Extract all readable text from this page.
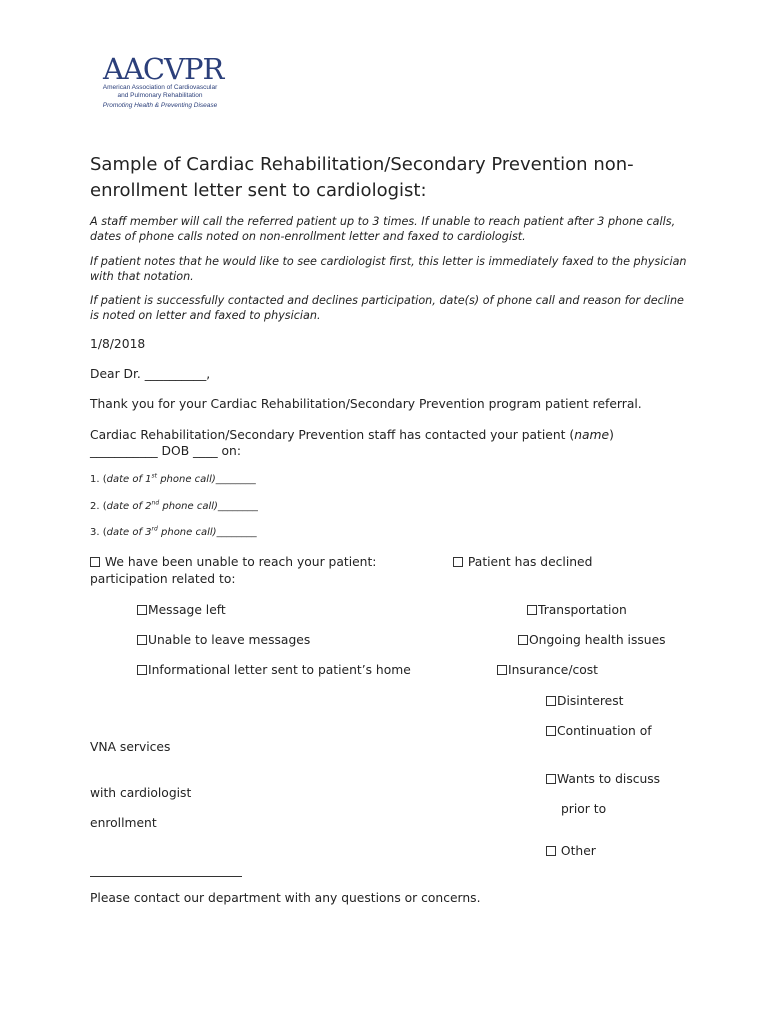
AACVPR
American Association of Cardiovascular
and Pulmonary Rehabilitation
Promoting Health & Preventing Disease
Sample of Cardiac Rehabilitation/Secondary Prevention non-enrollment letter sent to cardiologist:
A staff member will call the referred patient up to 3 times. If unable to reach patient after 3 phone calls, dates of phone calls noted on non-enrollment letter and faxed to cardiologist.
If patient notes that he would like to see cardiologist first, this letter is immediately faxed to the physician with that notation.
If patient is successfully contacted and declines participation, date(s) of phone call and reason for decline is noted on letter and faxed to physician.
1/8/2018
Dear Dr. __________,
Thank you for your Cardiac Rehabilitation/Secondary Prevention program patient referral.
Cardiac Rehabilitation/Secondary Prevention staff has contacted your patient (name)
___________ DOB ____ on:
1. (date of 1st phone call)________
2. (date of 2nd phone call)________
3. (date of 3rd phone call)________
We have been unable to reach your patient:	Patient has declined
participation related to:
Message left
Unable to leave messages
Informational letter sent to patient’s home
Transportation
Ongoing health issues
Insurance/cost
Disinterest
Continuation of
VNA services
Wants to discuss
with cardiologist
prior to
enrollment
Other
Please contact our department with any questions or concerns.
